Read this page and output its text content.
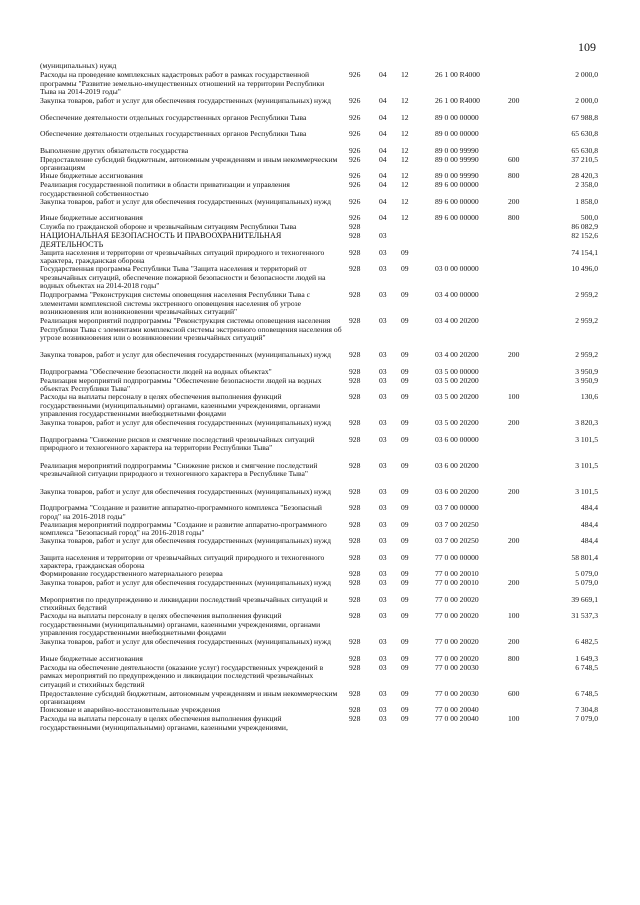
109
(муниципальных) нужд
Расходы на проведение комплексных кадастровых работ в рамках государственной программы "Развитие земельно-имущественных отношений на территории Республики Тыва на 2014-2019 годы"
926 04 12	26 1 00 R4000	2 000,0
Закупка товаров, работ и услуг для обеспечения государственных (муниципальных) нужд	926 04 12	26 1 00 R4000	200	2 000,0
Обеспечение деятельности отдельных государственных органов Республики Тыва	926 04 12	89 0 00 00000	67 988,8
Обеспечение деятельности отдельных государственных органов Республики Тыва	926 04 12	89 0 00 00000	65 630,8
Выполнение других обязательств государства	926 04 12	89 0 00 99990	65 630,8
Предоставление субсидий бюджетным, автономным учреждениям и иным некоммерческим организациям
926 04 12	89 0 00 99990	600	37 210,5
Иные бюджетные ассигнования	926 04 12	89 0 00 99990	800	28 420,3
Реализация государственной политики в области приватизации и управления государственной собственностью
926 04 12	89 6 00 00000	2 358,0
Закупка товаров, работ и услуг для обеспечения государственных (муниципальных) нужд	926 04 12	89 6 00 00000	200	1 858,0
Иные бюджетные ассигнования	926 04 12	89 6 00 00000	800	500,0
Служба по гражданской обороне и чрезвычайным ситуациям Республики Тыва	928	86 082,9
НАЦИОНАЛЬНАЯ БЕЗОПАСНОСТЬ И ПРАВООХРАНИТЕЛЬНАЯ ДЕЯТЕЛЬНОСТЬ
928 03	82 152,6
Защита населения и территории от чрезвычайных ситуаций природного и техногенного характера, гражданская оборона
928 03 09	74 154,1
Государственная программа Республики Тыва "Защита населения и территорий от чрезвычайных ситуаций, обеспечение пожарной безопасности и безопасности людей на водных объектах на 2014-2018 годы"
928 03 09	03 0 00 00000	10 496,0
Подпрограмма "Реконструкция системы оповещения населения Республики Тыва с элементами комплексной системы экстренного оповещения населения об угрозе возникновения или возникновении чрезвычайных ситуаций"
928 03 09	03 4 00 00000	2 959,2
Реализация мероприятий подпрограммы "Реконструкция системы оповещения населения Республики Тыва с элементами комплексной системы экстренного оповещения населения об угрозе возникновения или о возникновении чрезвычайных ситуаций"
928 03 09	03 4 00 20200	2 959,2
Закупка товаров, работ и услуг для обеспечения государственных (муниципальных) нужд	928 03 09	03 4 00 20200	200	2 959,2
Подпрограмма "Обеспечение безопасности людей на водных объектах"	928 03 09	03 5 00 00000	3 950,9
Реализация мероприятий подпрограммы "Обеспечение безопасности людей на водных объектах Республики Тыва"
928 03 09	03 5 00 20200	3 950,9
Расходы на выплаты персоналу в целях обеспечения выполнения функций государственными (муниципальными) органами, казенными учреждениями, органами управления государственными внебюджетными фондами
928 03 09	03 5 00 20200	100	130,6
Закупка товаров, работ и услуг для обеспечения государственных (муниципальных) нужд	928 03 09	03 5 00 20200	200	3 820,3
Подпрограмма "Снижение рисков и смягчение последствий чрезвычайных ситуаций природного и техногенного характера на территории Республики Тыва"
928 03 09	03 6 00 00000	3 101,5
Реализация мероприятий подпрограммы "Снижение рисков и смягчение последствий чрезвычайной ситуации природного и техногенного характера в Республике Тыва"
928 03 09	03 6 00 20200	3 101,5
Закупка товаров, работ и услуг для обеспечения государственных (муниципальных) нужд	928 03 09	03 6 00 20200	200	3 101,5
Подпрограмма "Создание и развитие аппаратно-программного комплекса "Безопасный город" на 2016-2018 годы"
928 03 09	03 7 00 00000	484,4
Реализация мероприятий подпрограммы "Создание и развитие аппаратно-программного комплекса "Безопасный город" на 2016-2018 годы"
928 03 09	03 7 00 20250	484,4
Закупка товаров, работ и услуг для обеспечения государственных (муниципальных) нужд	928 03 09	03 7 00 20250	200	484,4
Защита населения и территории от чрезвычайных ситуаций природного и техногенного характера, гражданская оборона
928 03 09	77 0 00 00000	58 801,4
Формирование государственного материального резерва	928 03 09	77 0 00 20010	5 079,0
Закупка товаров, работ и услуг для обеспечения государственных (муниципальных) нужд	928 03 09	77 0 00 20010	200	5 079,0
Мероприятия по предупреждению и ликвидации последствий чрезвычайных ситуаций и стихийных бедствий
928 03 09	77 0 00 20020	39 669,1
Расходы на выплаты персоналу в целях обеспечения выполнения функций государственными (муниципальными) органами, казенными учреждениями, органами управления государственными внебюджетными фондами
928 03 09	77 0 00 20020	100	31 537,3
Закупка товаров, работ и услуг для обеспечения государственных (муниципальных) нужд	928 03 09	77 0 00 20020	200	6 482,5
Иные бюджетные ассигнования	928 03 09	77 0 00 20020	800	1 649,3
Расходы на обеспечение деятельности (оказание услуг) государственных учреждений в рамках мероприятий по предупреждению и ликвидации последствий чрезвычайных ситуаций и стихийных бедствий
928 03 09	77 0 00 20030	6 748,5
Предоставление субсидий бюджетным, автономным учреждениям и иным некоммерческим организациям
928 03 09	77 0 00 20030	600	6 748,5
Поисковые и аварийно-восстановительные учреждения	928 03 09	77 0 00 20040	7 304,8
Расходы на выплаты персоналу в целях обеспечения выполнения функций государственными (муниципальными) органами, казенными учреждениями,
928 03 09	77 0 00 20040	100	7 079,0
